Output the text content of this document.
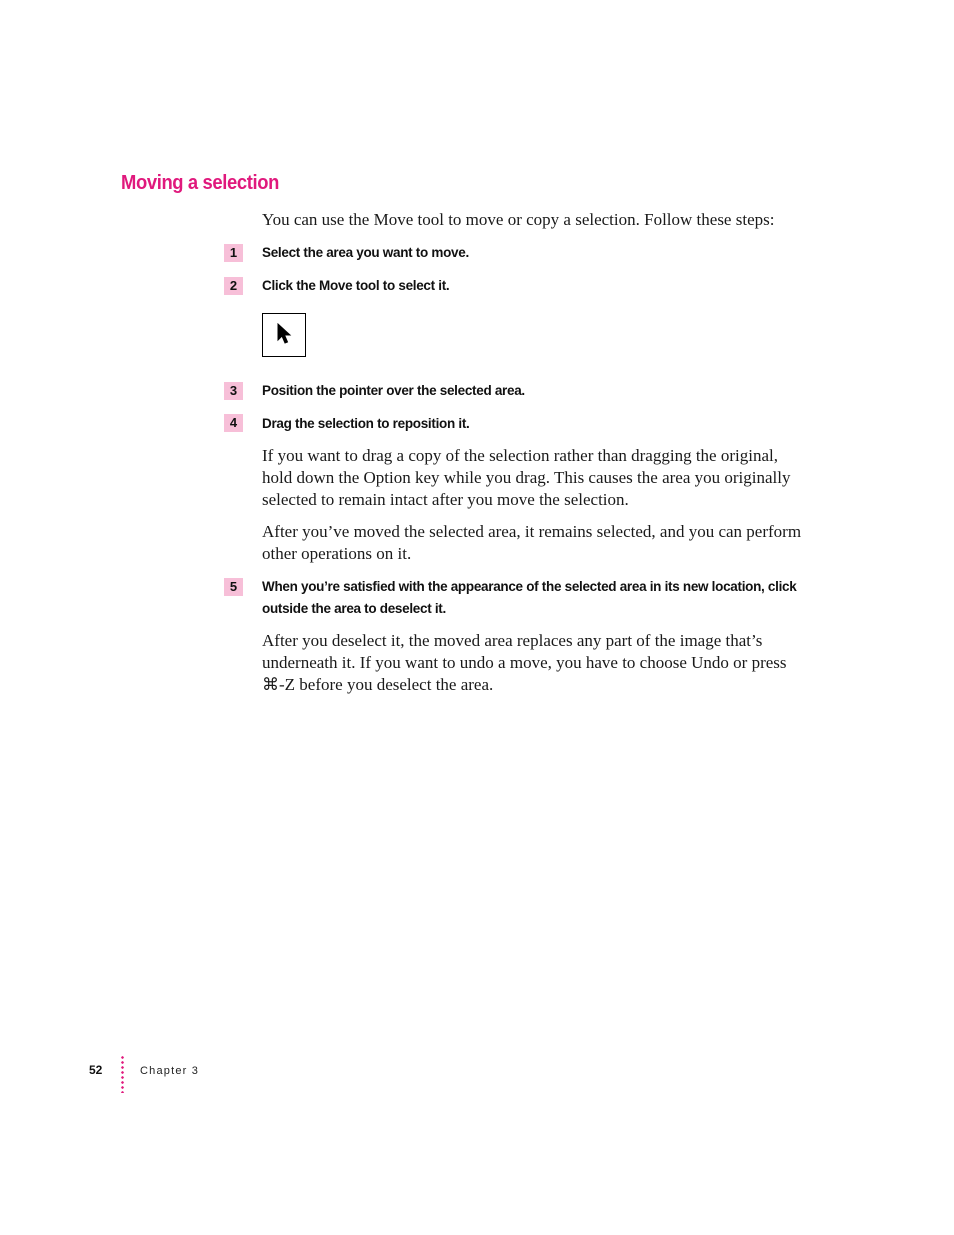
Moving a selection

You can use the Move tool to move or copy a selection. Follow these steps:

1	Select the area you want to move.

2	Click the Move tool to select it.

3	Position the pointer over the selected area.

4	Drag the selection to reposition it.

If you want to drag a copy of the selection rather than dragging the original, hold down the Option key while you drag. This causes the area you originally selected to remain intact after you move the selection.

After you’ve moved the selected area, it remains selected, and you can perform other operations on it.

5	When you’re satisfied with the appearance of the selected area in its new location, click outside the area to deselect it.

After you deselect it, the moved area replaces any part of the image that’s underneath it. If you want to undo a move, you have to choose Undo or press ⌘-Z before you deselect the area.

52	Chapter 3
